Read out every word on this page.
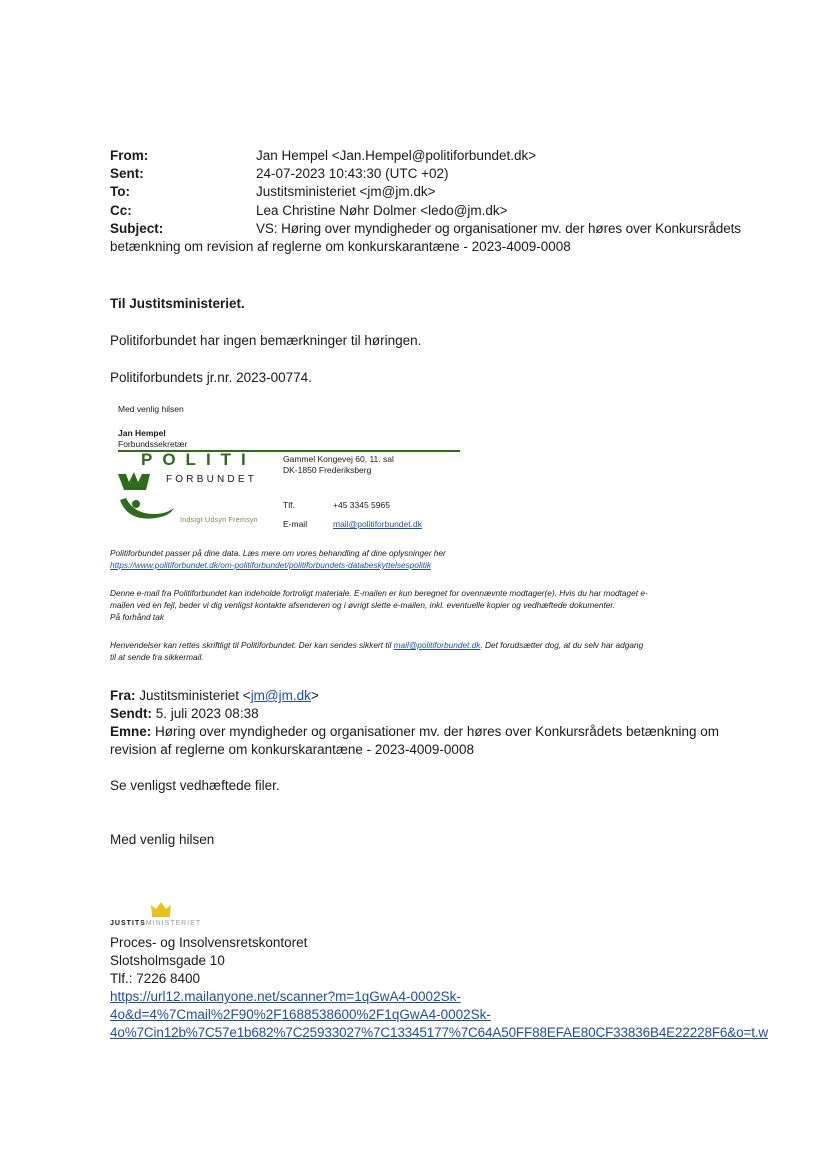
From:	Jan Hempel <Jan.Hempel@politiforbundet.dk>
Sent:	24-07-2023 10:43:30 (UTC +02)
To:	Justitsministeriet <jm@jm.dk>
Cc:	Lea Christine Nøhr Dolmer <ledo@jm.dk>
Subject:	VS: Høring over myndigheder og organisationer mv. der høres over Konkursrådets
betænkning om revision af reglerne om konkurskarantæne - 2023-4009-0008
Til Justitsministeriet.
Politiforbundet har ingen bemærkninger til høringen.
Politiforbundets jr.nr. 2023-00774.
Med venlig hilsen
Jan Hempel
Forbundssekretær
POLITI
FORBUNDET
Indsigt Udsyn Fremsyn
Gammel Kongevej 60, 11. sal
DK-1850 Frederiksberg
Tlf.	+45 3345 5965
E-mail	mail@politiforbundet.dk
Politiforbundet passer på dine data. Læs mere om vores behandling af dine oplysninger her
https://www.politiforbundet.dk/om-politiforbundet/politiforbundets-databeskyttelsespolitik
Denne e-mail fra Politiforbundet kan indeholde fortroligt materiale. E-mailen er kun beregnet for ovennævnte modtager(e). Hvis du har modtaget e-
mailen ved en fejl, beder vi dig venligst kontakte afsenderen og i øvrigt slette e-mailen, inkl. eventuelle kopier og vedhæftede dokumenter.
På forhånd tak
Henvendelser kan rettes skriftligt til Politiforbundet. Der kan sendes sikkert til mail@politiforbundet.dk. Det forudsætter dog, at du selv har adgang
til at sende fra sikkermail.
Fra: Justitsministeriet <jm@jm.dk>
Sendt: 5. juli 2023 08:38
Emne: Høring over myndigheder og organisationer mv. der høres over Konkursrådets betænkning om
revision af reglerne om konkurskarantæne - 2023-4009-0008
Se venligst vedhæftede filer.
Med venlig hilsen
JUSTITSMINISTERIET
Proces- og Insolvensretskontoret
Slotsholmsgade 10
Tlf.: 7226 8400
https://url12.mailanyone.net/scanner?m=1qGwA4-0002Sk-
4o&d=4%7Cmail%2F90%2F1688538600%2F1qGwA4-0002Sk-
4o%7Cin12b%7C57e1b682%7C25933027%7C13345177%7C64A50FF88EFAE80CF33836B4E22228F6&o=t.w
